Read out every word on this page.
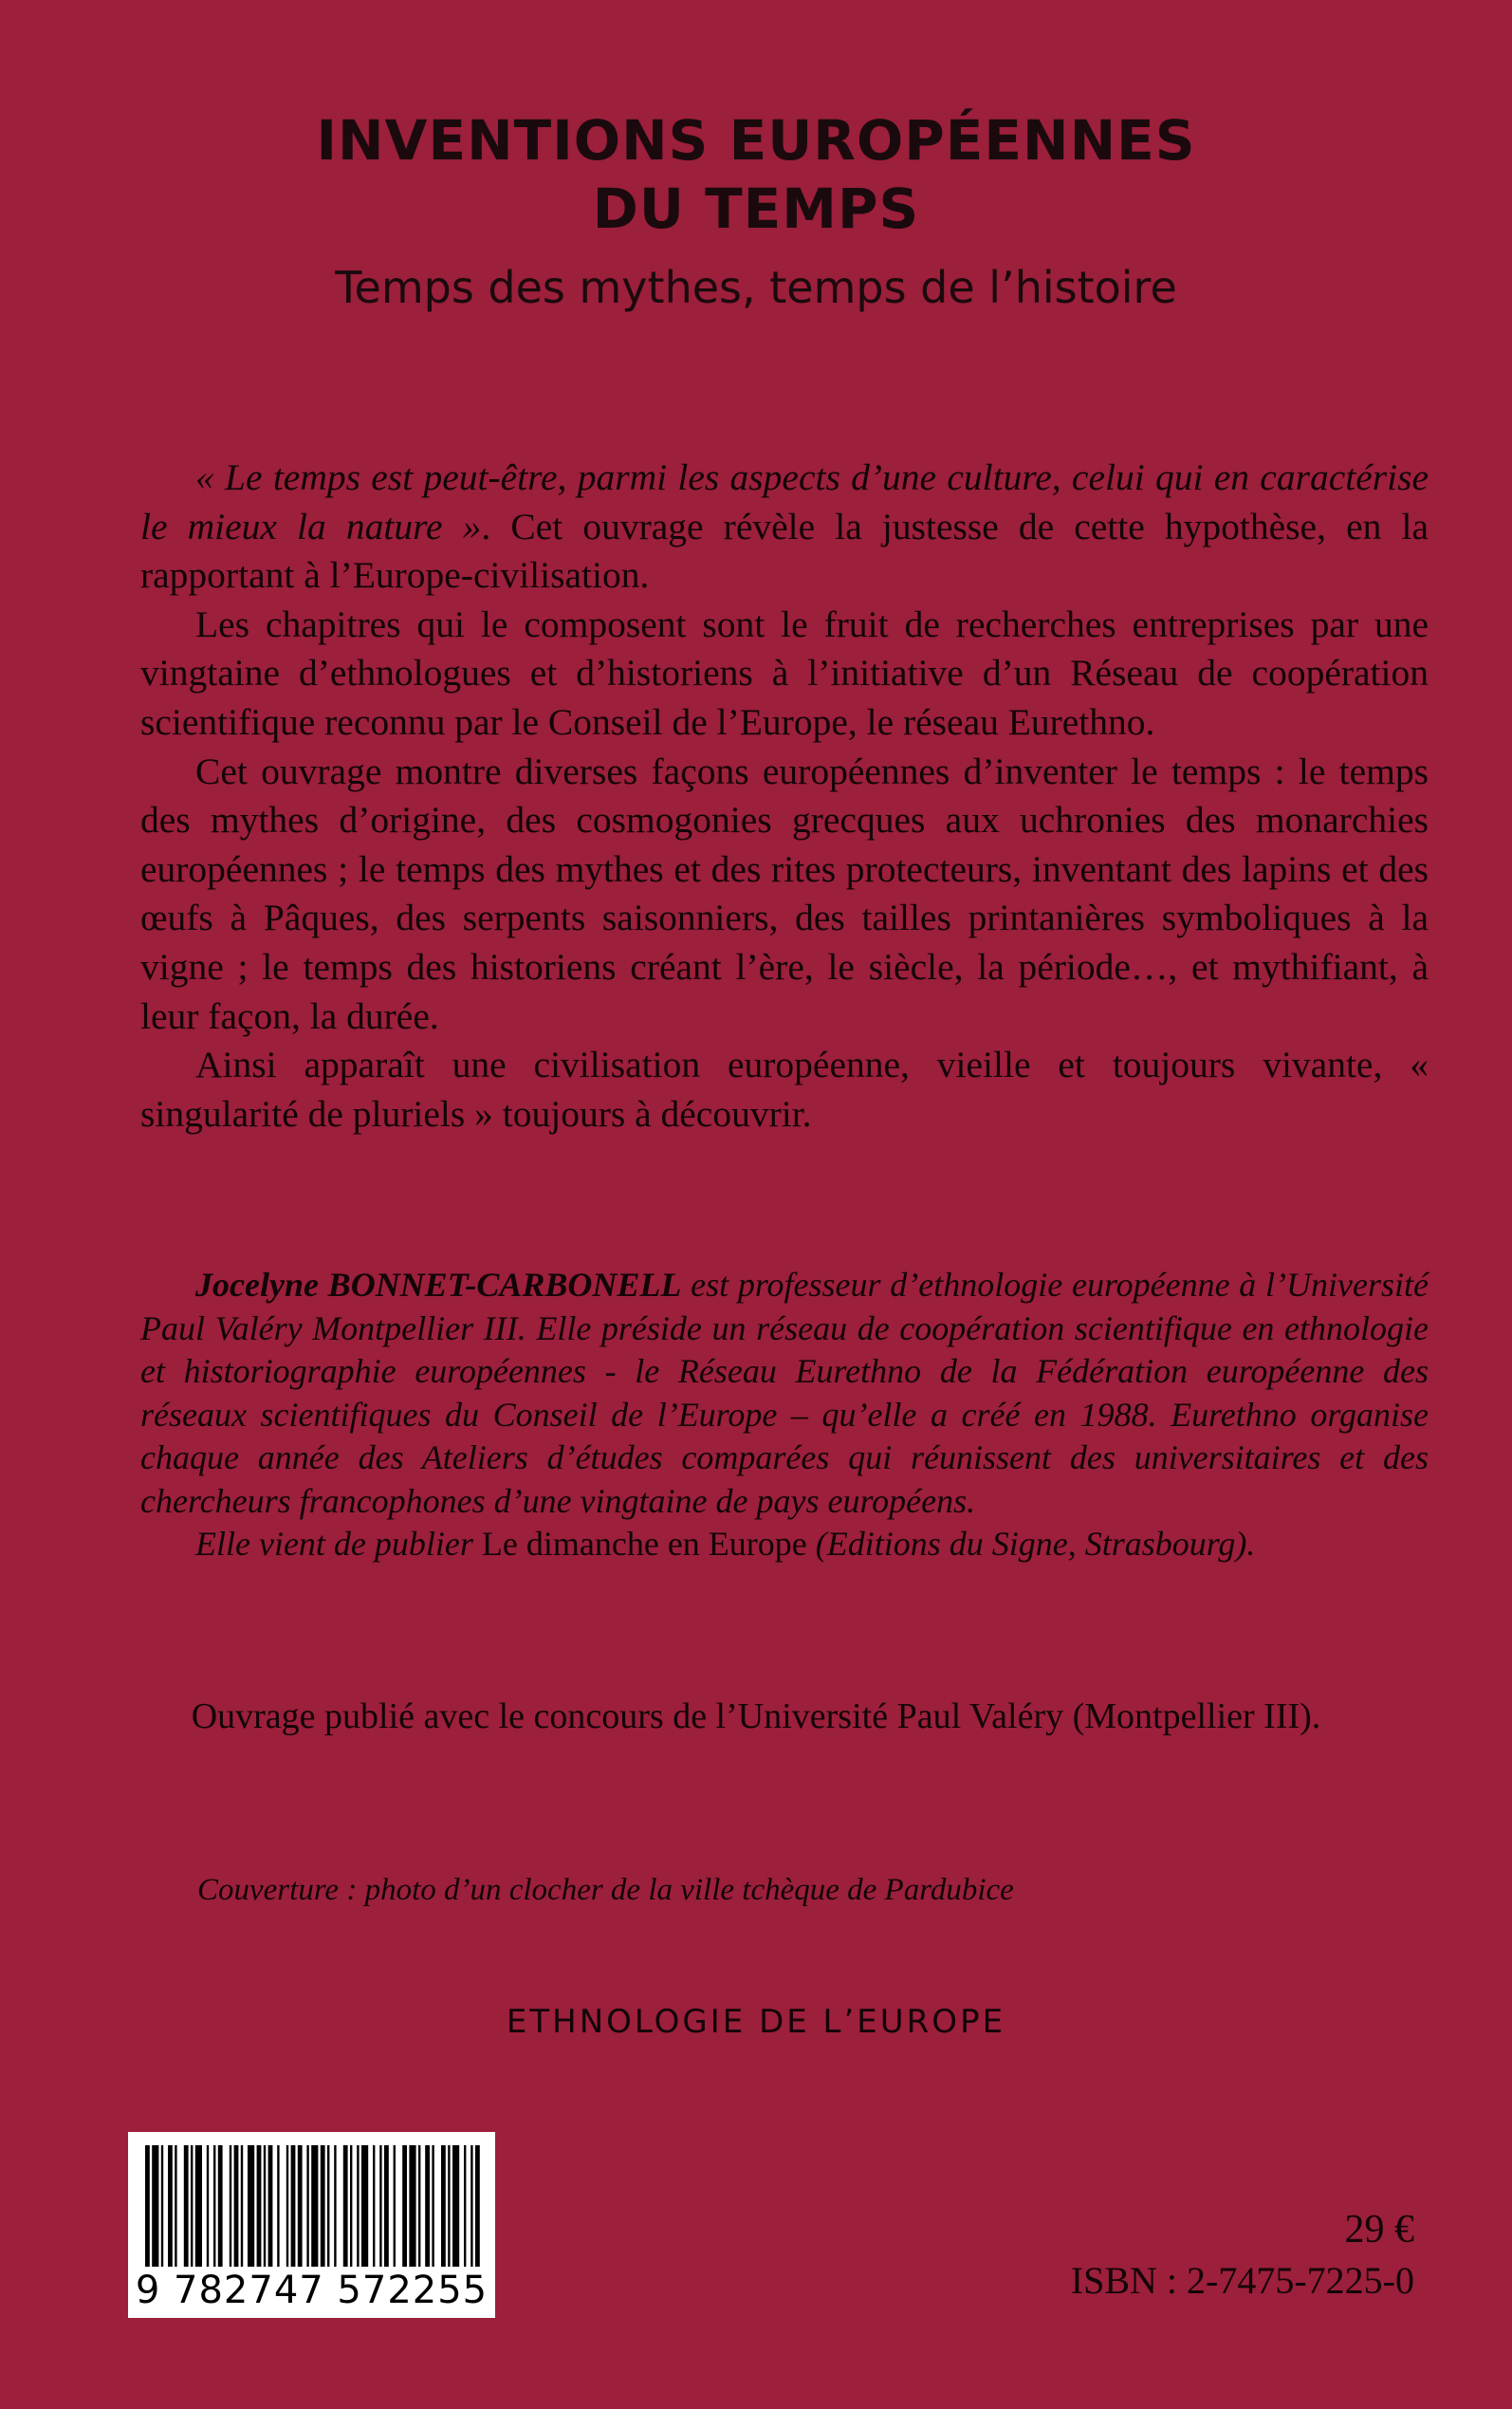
INVENTIONS EUROPÉENNES
DU TEMPS
Temps des mythes, temps de l’histoire

« Le temps est peut-être, parmi les aspects d’une culture, celui qui en caractérise le mieux la nature ». Cet ouvrage révèle la justesse de cette hypothèse, en la rapportant à l’Europe-civilisation.

Les chapitres qui le composent sont le fruit de recherches entreprises par une vingtaine d’ethnologues et d’historiens à l’initiative d’un Réseau de coopération scientifique reconnu par le Conseil de l’Europe, le réseau Eurethno.

Cet ouvrage montre diverses façons européennes d’inventer le temps : le temps des mythes d’origine, des cosmogonies grecques aux uchronies des monarchies européennes ; le temps des mythes et des rites protecteurs, inventant des lapins et des œufs à Pâques, des serpents saisonniers, des tailles printanières symboliques à la vigne ; le temps des historiens créant l’ère, le siècle, la période…, et mythifiant, à leur façon, la durée.

Ainsi apparaît une civilisation européenne, vieille et toujours vivante, « singularité de pluriels » toujours à découvrir.

Jocelyne BONNET-CARBONELL est professeur d’ethnologie européenne à l’Université Paul Valéry Montpellier III. Elle préside un réseau de coopération scientifique en ethnologie et historiographie européennes - le Réseau Eurethno de la Fédération européenne des réseaux scientifiques du Conseil de l’Europe – qu’elle a créé en 1988. Eurethno organise chaque année des Ateliers d’études comparées qui réunissent des universitaires et des chercheurs francophones d’une vingtaine de pays européens.

Elle vient de publier Le dimanche en Europe (Editions du Signe, Strasbourg).

Ouvrage publié avec le concours de l’Université Paul Valéry (Montpellier III).
Couverture : photo d’un clocher de la ville tchèque de Pardubice
ETHNOLOGIE DE L’EUROPE
9 782747 572255
29 €
ISBN : 2-7475-7225-0
